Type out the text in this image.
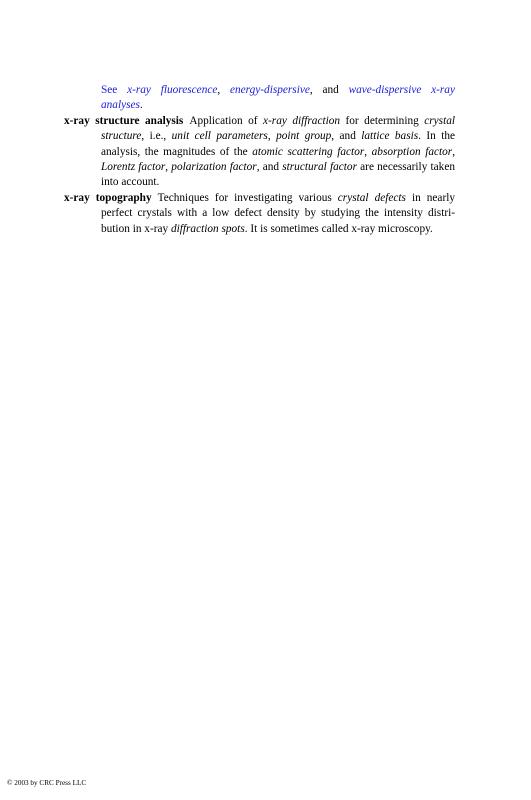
See x-ray fluorescence, energy-dispersive, and wave-dispersive x-ray analyses.
x-ray structure analysis Application of x-ray diffraction for determining crystal structure, i.e., unit cell parameters, point group, and lattice basis. In the analysis, the magnitudes of the atomic scattering factor, absorption factor, Lorentz factor, polarization factor, and structural factor are necessarily taken into account.
x-ray topography Techniques for investigating various crystal defects in nearly perfect crystals with a low defect density by studying the intensity distri-bution in x-ray diffraction spots. It is sometimes called x-ray microscopy.
© 2003 by CRC Press LLC
